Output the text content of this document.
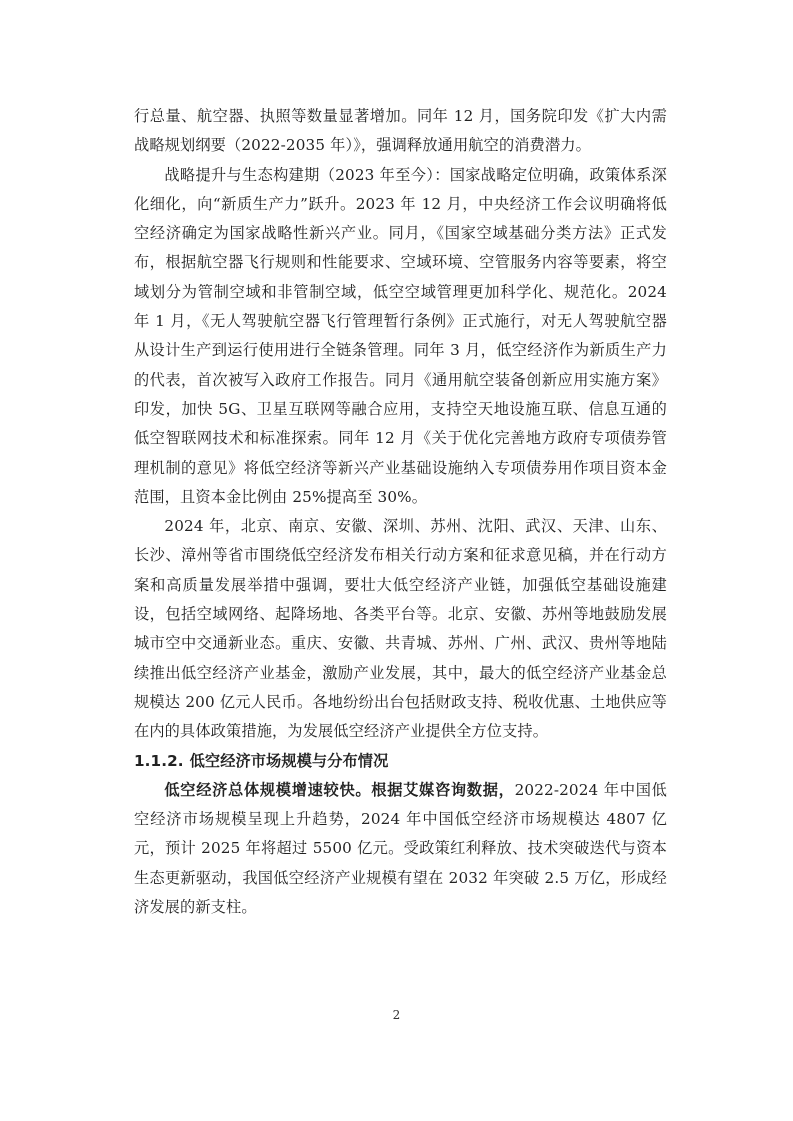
行总量、航空器、执照等数量显著增加。同年 12 月，国务院印发《扩大内需战略规划纲要（2022-2035 年）》，强调释放通用航空的消费潜力。

战略提升与生态构建期（2023 年至今）：国家战略定位明确，政策体系深化细化，向“新质生产力”跃升。2023 年 12 月，中央经济工作会议明确将低空经济确定为国家战略性新兴产业。同月，《国家空域基础分类方法》正式发布，根据航空器飞行规则和性能要求、空域环境、空管服务内容等要素，将空域划分为管制空域和非管制空域，低空空域管理更加科学化、规范化。2024 年 1 月，《无人驾驶航空器飞行管理暂行条例》正式施行，对无人驾驶航空器从设计生产到运行使用进行全链条管理。同年 3 月，低空经济作为新质生产力的代表，首次被写入政府工作报告。同月《通用航空装备创新应用实施方案》印发，加快 5G、卫星互联网等融合应用，支持空天地设施互联、信息互通的低空智联网技术和标准探索。同年 12 月《关于优化完善地方政府专项债券管理机制的意见》将低空经济等新兴产业基础设施纳入专项债券用作项目资本金范围，且资本金比例由 25%提高至 30%。

2024 年，北京、南京、安徽、深圳、苏州、沈阳、武汉、天津、山东、长沙、漳州等省市围绕低空经济发布相关行动方案和征求意见稿，并在行动方案和高质量发展举措中强调，要壮大低空经济产业链，加强低空基础设施建设，包括空域网络、起降场地、各类平台等。北京、安徽、苏州等地鼓励发展城市空中交通新业态。重庆、安徽、共青城、苏州、广州、武汉、贵州等地陆续推出低空经济产业基金，激励产业发展，其中，最大的低空经济产业基金总规模达 200 亿元人民币。各地纷纷出台包括财政支持、税收优惠、土地供应等在内的具体政策措施，为发展低空经济产业提供全方位支持。

1.1.2. 低空经济市场规模与分布情况

低空经济总体规模增速较快。根据艾媒咨询数据，2022-2024 年中国低空经济市场规模呈现上升趋势，2024 年中国低空经济市场规模达 4807 亿元，预计 2025 年将超过 5500 亿元。受政策红利释放、技术突破迭代与资本生态更新驱动，我国低空经济产业规模有望在 2032 年突破 2.5 万亿，形成经济发展的新支柱。

2
